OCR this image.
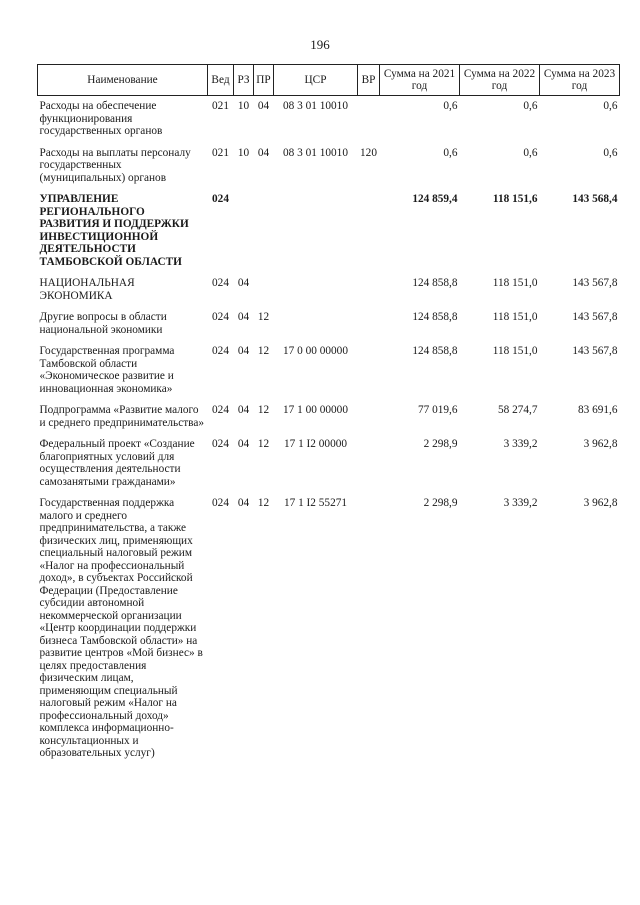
196
Наименование	Вед	РЗ	ПР	ЦСР	ВР	Сумма на 2021 год	Сумма на 2022 год	Сумма на 2023 год
Расходы на обеспечение функционирования государственных органов	021	10	04	08 3 01 10010		0,6	0,6	0,6
Расходы на выплаты персоналу государственных (муниципальных) органов	021	10	04	08 3 01 10010	120	0,6	0,6	0,6
УПРАВЛЕНИЕ РЕГИОНАЛЬНОГО РАЗВИТИЯ И ПОДДЕРЖКИ ИНВЕСТИЦИОННОЙ ДЕЯТЕЛЬНОСТИ ТАМБОВСКОЙ ОБЛАСТИ	024					124 859,4	118 151,6	143 568,4
НАЦИОНАЛЬНАЯ ЭКОНОМИКА	024	04				124 858,8	118 151,0	143 567,8
Другие вопросы в области национальной экономики	024	04	12			124 858,8	118 151,0	143 567,8
Государственная программа Тамбовской области «Экономическое развитие и инновационная экономика»	024	04	12	17 0 00 00000		124 858,8	118 151,0	143 567,8
Подпрограмма «Развитие малого и среднего предпринимательства»	024	04	12	17 1 00 00000		77 019,6	58 274,7	83 691,6
Федеральный проект «Создание благоприятных условий для осуществления деятельности самозанятыми гражданами»	024	04	12	17 1 I2 00000		2 298,9	3 339,2	3 962,8
Государственная поддержка малого и среднего предпринимательства, а также физических лиц, применяющих специальный налоговый режим «Налог на профессиональный доход», в субъектах Российской Федерации (Предоставление субсидии автономной некоммерческой организации «Центр координации поддержки бизнеса Тамбовской области» на развитие центров «Мой бизнес» в целях предоставления физическим лицам, применяющим специальный налоговый режим «Налог на профессиональный доход» комплекса информационно-консультационных и образовательных услуг)	024	04	12	17 1 I2 55271		2 298,9	3 339,2	3 962,8
